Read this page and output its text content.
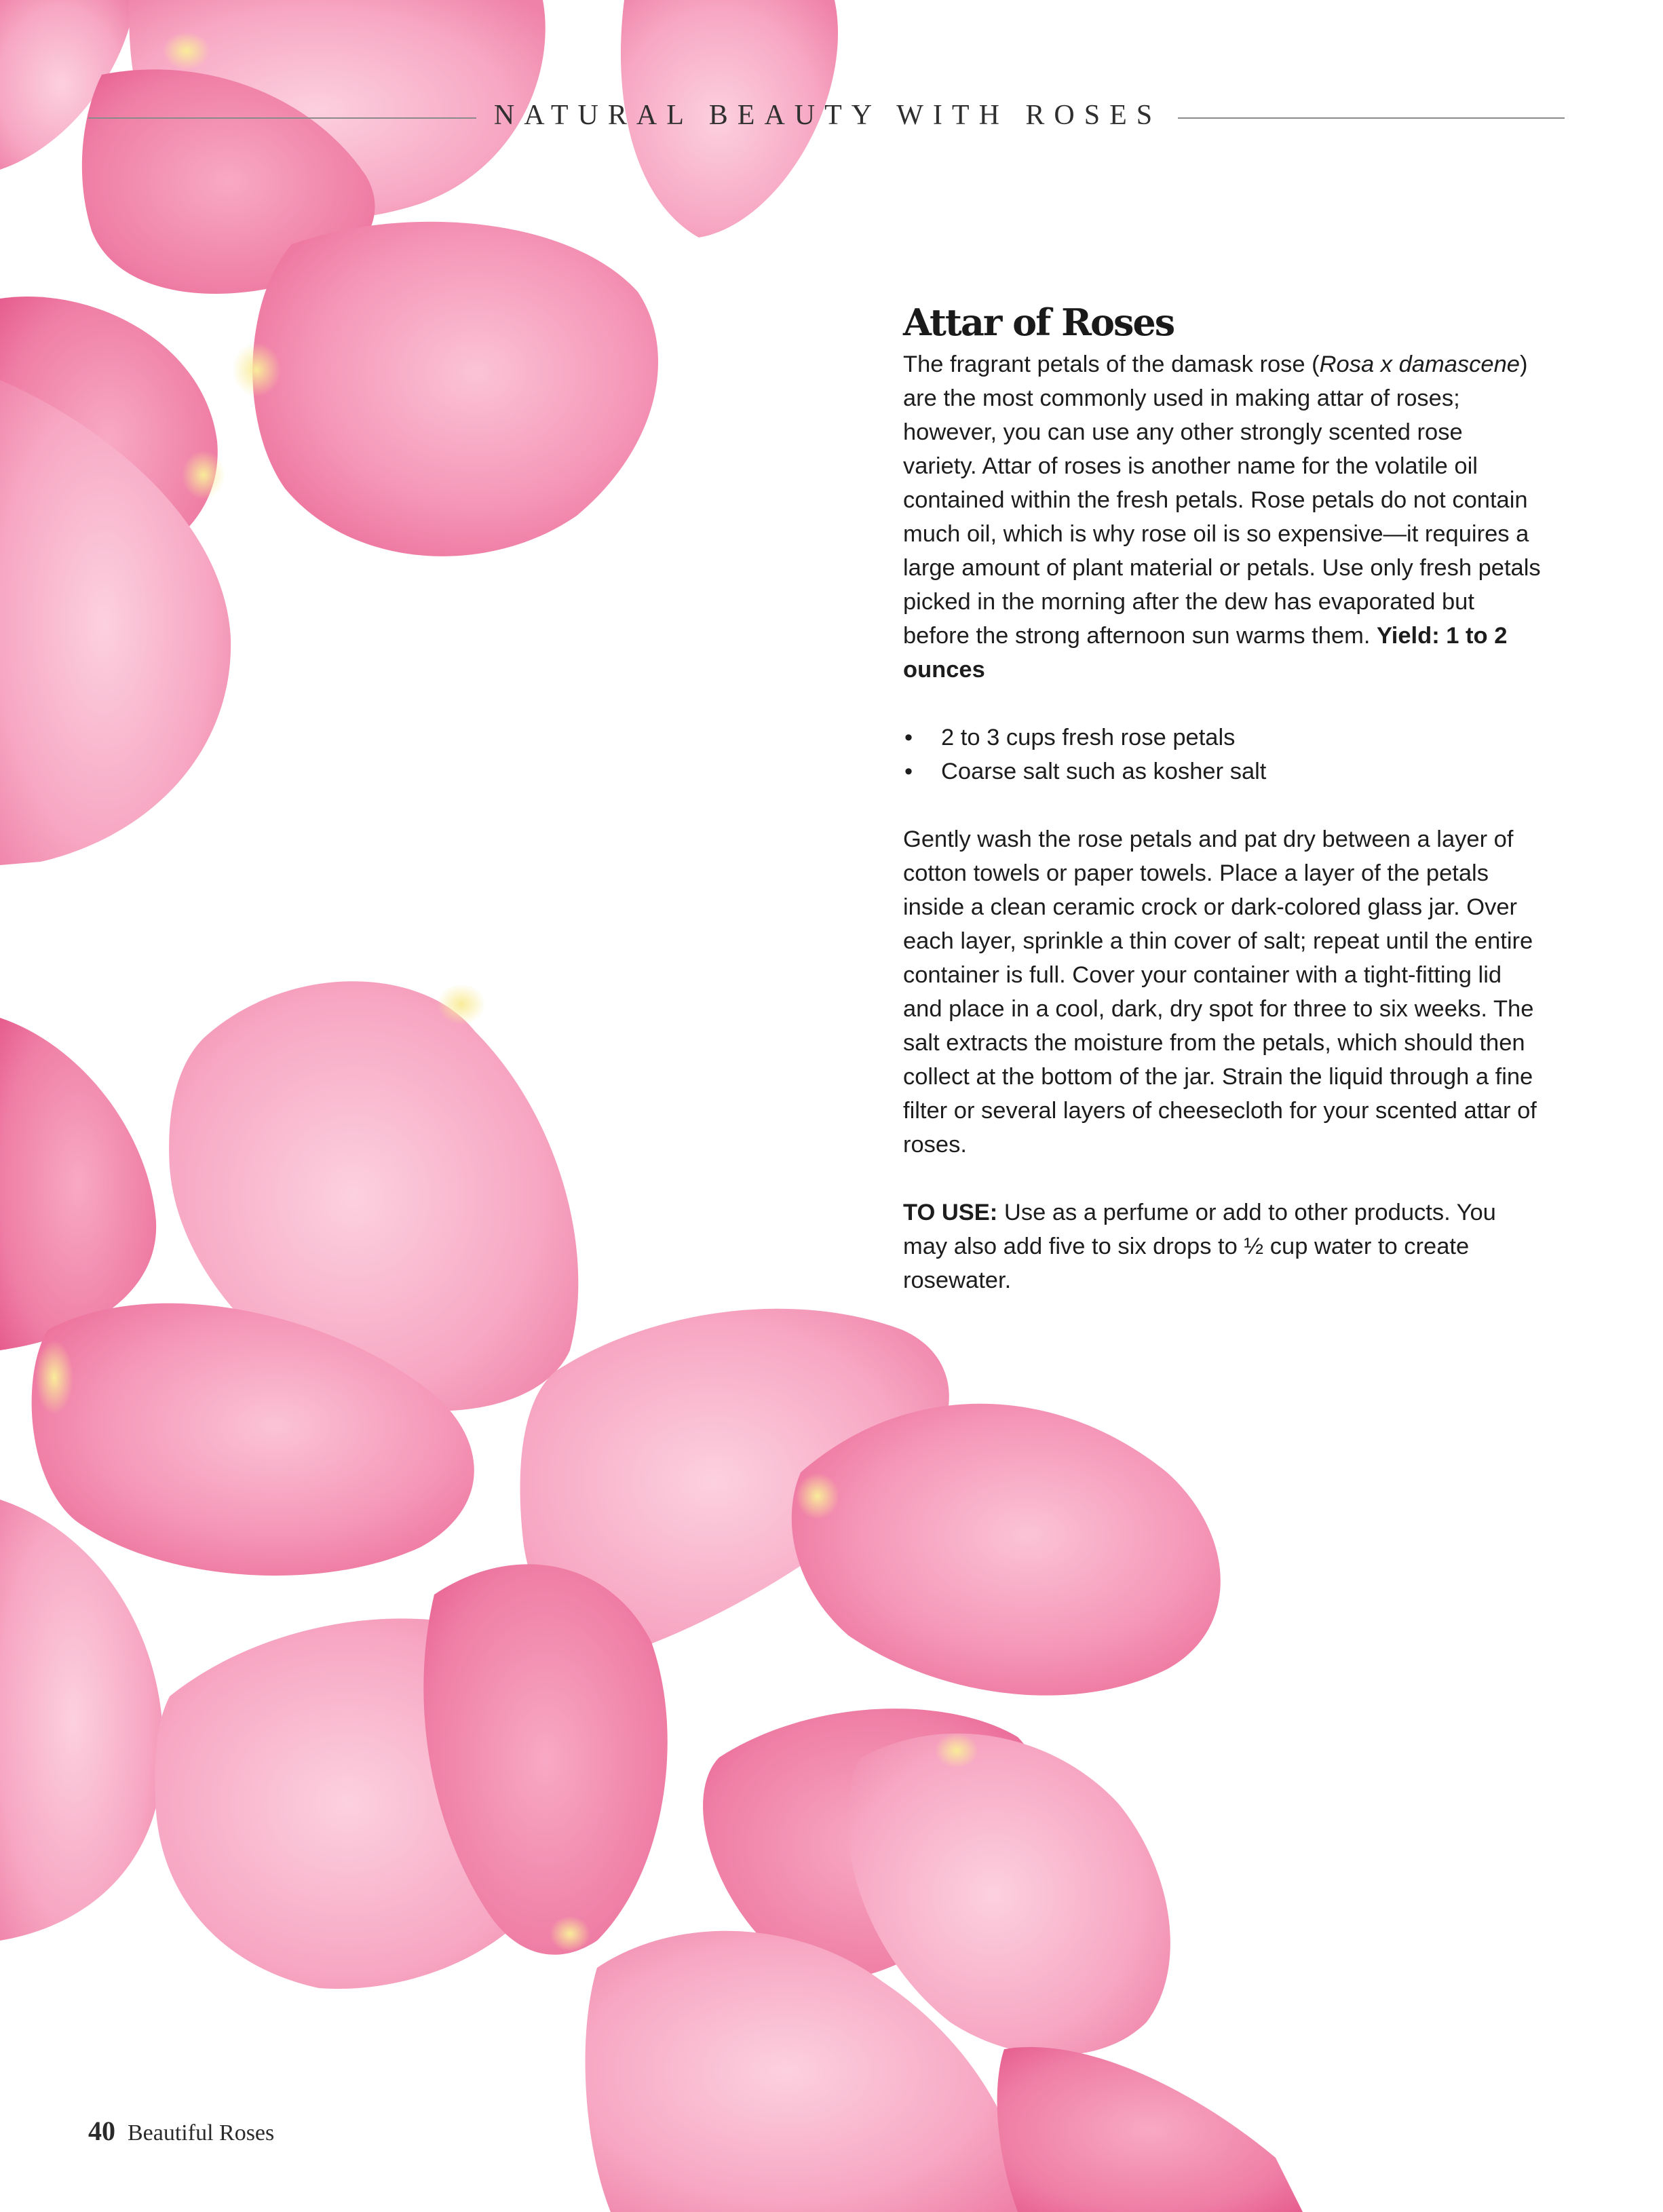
NATURAL BEAUTY WITH ROSES
Attar of Roses

The fragrant petals of the damask rose (Rosa x damascene) are the most commonly used in making attar of roses; however, you can use any other strongly scented rose variety. Attar of roses is another name for the volatile oil contained within the fresh petals. Rose petals do not contain much oil, which is why rose oil is so expensive—it requires a large amount of plant material or petals. Use only fresh petals picked in the morning after the dew has evaporated but before the strong afternoon sun warms them. Yield: 1 to 2 ounces

• 2 to 3 cups fresh rose petals
• Coarse salt such as kosher salt

Gently wash the rose petals and pat dry between a layer of cotton towels or paper towels. Place a layer of the petals inside a clean ceramic crock or dark-colored glass jar. Over each layer, sprinkle a thin cover of salt; repeat until the entire container is full. Cover your container with a tight-fitting lid and place in a cool, dark, dry spot for three to six weeks. The salt extracts the moisture from the petals, which should then collect at the bottom of the jar. Strain the liquid through a fine filter or several layers of cheesecloth for your scented attar of roses.

TO USE: Use as a perfume or add to other products. You may also add five to six drops to ½ cup water to create rosewater.

40 Beautiful Roses
